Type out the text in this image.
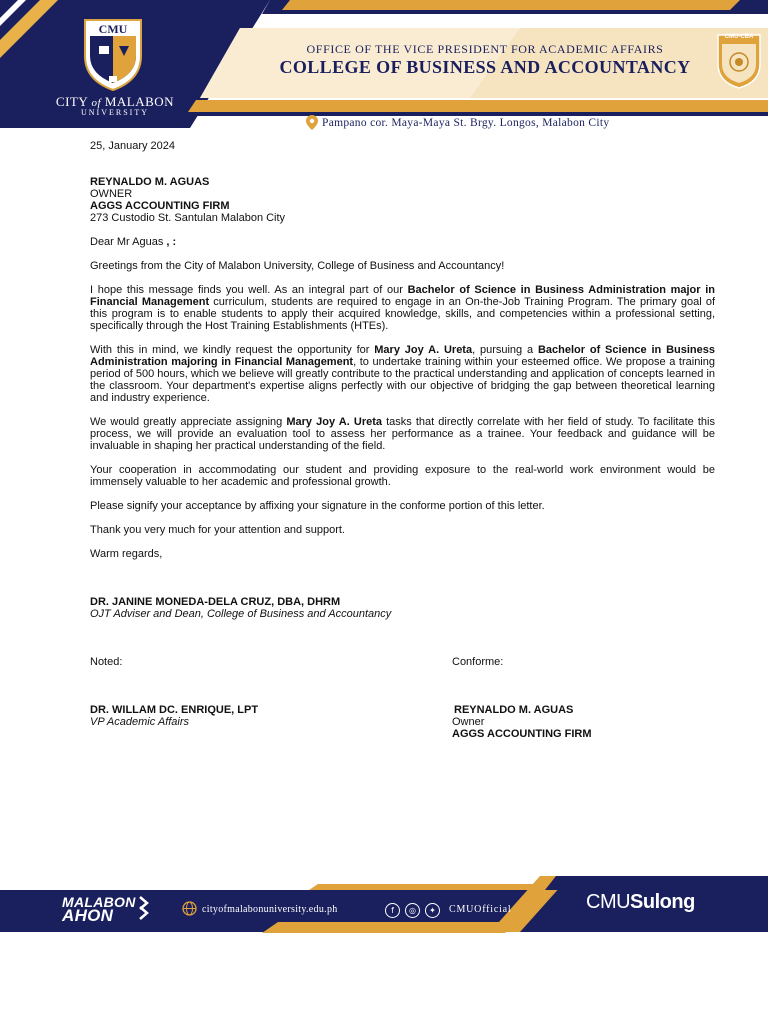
CMU
CITY of MALABON
UNIVERSITY
OFFICE OF THE VICE PRESIDENT FOR ACADEMIC AFFAIRS
COLLEGE OF BUSINESS AND ACCOUNTANCY
CMU-CBA
Pampano cor. Maya-Maya St. Brgy. Longos, Malabon City
25, January 2024
REYNALDO M. AGUAS
OWNER
AGGS ACCOUNTING FIRM
273 Custodio St. Santulan Malabon City
Dear Mr Aguas , :
Greetings from the City of Malabon University, College of Business and Accountancy!
I hope this message finds you well. As an integral part of our Bachelor of Science in Business Administration major in Financial Management curriculum, students are required to engage in an On-the-Job Training Program. The primary goal of this program is to enable students to apply their acquired knowledge, skills, and competencies within a professional setting, specifically through the Host Training Establishments (HTEs).
With this in mind, we kindly request the opportunity for Mary Joy A. Ureta, pursuing a Bachelor of Science in Business Administration majoring in Financial Management, to undertake training within your esteemed office. We propose a training period of 500 hours, which we believe will greatly contribute to the practical understanding and application of concepts learned in the classroom. Your department's expertise aligns perfectly with our objective of bridging the gap between theoretical learning and industry experience.
We would greatly appreciate assigning Mary Joy A. Ureta tasks that directly correlate with her field of study. To facilitate this process, we will provide an evaluation tool to assess her performance as a trainee. Your feedback and guidance will be invaluable in shaping her practical understanding of the field.
Your cooperation in accommodating our student and providing exposure to the real-world work environment would be immensely valuable to her academic and professional growth.
Please signify your acceptance by affixing your signature in the conforme portion of this letter.
Thank you very much for your attention and support.
Warm regards,
DR. JANINE MONEDA-DELA CRUZ, DBA, DHRM
OJT Adviser and Dean, College of Business and Accountancy
Noted:	Conforme:
DR. WILLAM DC. ENRIQUE, LPT
VP Academic Affairs
REYNALDO M. AGUAS
Owner
AGGS ACCOUNTING FIRM
MALABON
AHON	cityofmalabonuniversity.edu.ph	f	◎	✦	CMUOfficial	CMUSulong
